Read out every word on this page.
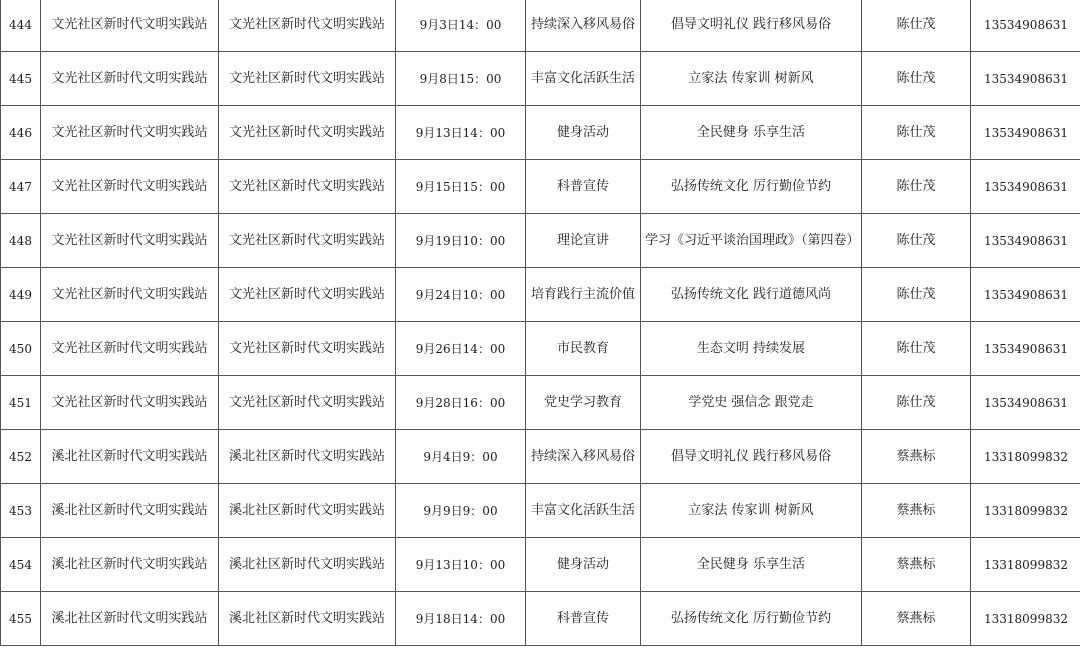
444	文光社区新时代文明实践站	文光社区新时代文明实践站	9月3日14：00	持续深入移风易俗	倡导文明礼仪 践行移风易俗	陈仕茂	13534908631
445	文光社区新时代文明实践站	文光社区新时代文明实践站	9月8日15：00	丰富文化活跃生活	立家法 传家训 树新风	陈仕茂	13534908631
446	文光社区新时代文明实践站	文光社区新时代文明实践站	9月13日14：00	健身活动	全民健身 乐享生活	陈仕茂	13534908631
447	文光社区新时代文明实践站	文光社区新时代文明实践站	9月15日15：00	科普宣传	弘扬传统文化 厉行勤俭节约	陈仕茂	13534908631
448	文光社区新时代文明实践站	文光社区新时代文明实践站	9月19日10：00	理论宣讲	学习《习近平谈治国理政》（第四卷）	陈仕茂	13534908631
449	文光社区新时代文明实践站	文光社区新时代文明实践站	9月24日10：00	培育践行主流价值	弘扬传统文化 践行道德风尚	陈仕茂	13534908631
450	文光社区新时代文明实践站	文光社区新时代文明实践站	9月26日14：00	市民教育	生态文明 持续发展	陈仕茂	13534908631
451	文光社区新时代文明实践站	文光社区新时代文明实践站	9月28日16：00	党史学习教育	学党史 强信念 跟党走	陈仕茂	13534908631
452	溪北社区新时代文明实践站	溪北社区新时代文明实践站	9月4日9：00	持续深入移风易俗	倡导文明礼仪 践行移风易俗	蔡燕标	13318099832
453	溪北社区新时代文明实践站	溪北社区新时代文明实践站	9月9日9：00	丰富文化活跃生活	立家法 传家训 树新风	蔡燕标	13318099832
454	溪北社区新时代文明实践站	溪北社区新时代文明实践站	9月13日10：00	健身活动	全民健身 乐享生活	蔡燕标	13318099832
455	溪北社区新时代文明实践站	溪北社区新时代文明实践站	9月18日14：00	科普宣传	弘扬传统文化 厉行勤俭节约	蔡燕标	13318099832
